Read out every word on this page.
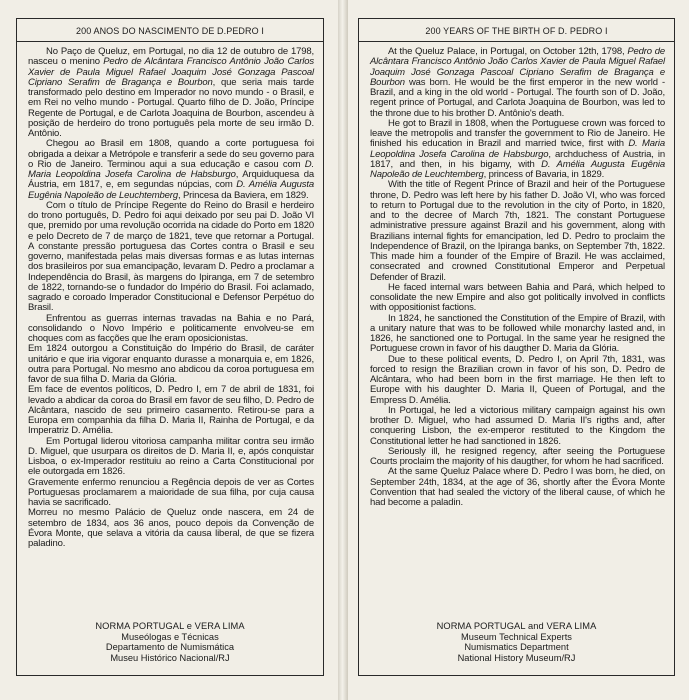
200 ANOS DO NASCIMENTO DE D.PEDRO I

No Paço de Queluz, em Portugal, no dia 12 de outubro de 1798, nasceu o menino Pedro de Alcântara Francisco Antônio João Carlos Xavier de Paula Miguel Rafael Joaquim José Gonzaga Pascoal Cipriano Serafim de Bragança e Bourbon, que seria mais tarde transformado pelo destino em Imperador no novo mundo - o Brasil, e em Rei no velho mundo - Portugal. Quarto filho de D. João, Príncipe Regente de Portugal, e de Carlota Joaquina de Bourbon, ascendeu à posição de herdeiro do trono português pela morte de seu irmão D. Antônio.

Chegou ao Brasil em 1808, quando a corte portuguesa foi obrigada a deixar a Metrópole e transferir a sede do seu governo para o Rio de Janeiro. Terminou aqui a sua educação e casou com D. Maria Leopoldina Josefa Carolina de Habsburgo, Arquiduquesa da Áustria, em 1817, e, em segundas núpcias, com D. Amélia Augusta Eugênia Napoleão de Leuchtemberg, Princesa da Baviera, em 1829.

Com o título de Príncipe Regente do Reino do Brasil e herdeiro do trono português, D. Pedro foi aqui deixado por seu pai D. João VI que, premido por uma revolução ocorrida na cidade do Porto em 1820 e pelo Decreto de 7 de março de 1821, teve que retornar a Portugal. A constante pressão portuguesa das Cortes contra o Brasil e seu governo, manifestada pelas mais diversas formas e as lutas internas dos brasileiros por sua emancipação, levaram D. Pedro a proclamar a Independência do Brasil, às margens do Ipiranga, em 7 de setembro de 1822, tornando-se o fundador do Império do Brasil. Foi aclamado, sagrado e coroado Imperador Constitucional e Defensor Perpétuo do Brasil.

Enfrentou as guerras internas travadas na Bahia e no Pará, consolidando o Novo Império e politicamente envolveu-se em choques com as facções que lhe eram oposicionistas.

Em 1824 outorgou a Constituição do Império do Brasil, de caráter unitário e que iria vigorar enquanto durasse a monarquia e, em 1826, outra para Portugal. No mesmo ano abdicou da coroa portuguesa em favor de sua filha D. Maria da Glória.

Em face de eventos políticos, D. Pedro I, em 7 de abril de 1831, foi levado a abdicar da coroa do Brasil em favor de seu filho, D. Pedro de Alcântara, nascido de seu primeiro casamento. Retirou-se para a Europa em companhia da filha D. Maria II, Rainha de Portugal, e da Imperatriz D. Amélia.

Em Portugal liderou vitoriosa campanha militar contra seu irmão D. Miguel, que usurpara os direitos de D. Maria II, e, após conquistar Lisboa, o ex-Imperador restituiu ao reino a Carta Constitucional por ele outorgada em 1826.

Gravemente enfermo renunciou a Regência depois de ver as Cortes Portuguesas proclamarem a maioridade de sua filha, por cuja causa havia se sacrificado.

Morreu no mesmo Palácio de Queluz onde nascera, em 24 de setembro de 1834, aos 36 anos, pouco depois da Convenção de Évora Monte, que selava a vitória da causa liberal, de que se fizera paladino.

NORMA PORTUGAL e VERA LIMA
Museólogas e Técnicas
Departamento de Numismática
Museu Histórico Nacional/RJ
200 YEARS OF THE BIRTH OF D. PEDRO I

At the Queluz Palace, in Portugal, on October 12th, 1798, Pedro de Alcântara Francisco Antônio João Carlos Xavier de Paula Miguel Rafael Joaquim José Gonzaga Pascoal Cipriano Serafim de Bragança e Bourbon was born. He would be the first emperor in the new world - Brazil, and a king in the old world - Portugal. The fourth son of D. João, regent prince of Portugal, and Carlota Joaquina de Bourbon, was led to the throne due to his brother D. Antônio's death.

He got to Brazil in 1808, when the Portuguese crown was forced to leave the metropolis and transfer the government to Rio de Janeiro. He finished his education in Brazil and married twice, first with D. Maria Leopoldina Josefa Carolina de Habsburgo, archduchess of Austria, in 1817, and then, in his bigamy, with D. Amélia Augusta Eugênia Napoleão de Leuchtemberg, princess of Bavaria, in 1829.

With the title of Regent Prince of Brazil and heir of the Portuguese throne, D. Pedro was left here by his father D. João VI, who was forced to return to Portugal due to the revolution in the city of Porto, in 1820, and to the decree of March 7th, 1821. The constant Portuguese administrative pressure against Brazil and his government, along with Brazilians internal fights for emancipation, led D. Pedro to proclaim the Independence of Brazil, on the Ipiranga banks, on September 7th, 1822. This made him a founder of the Empire of Brazil. He was acclaimed, consecrated and crowned Constitutional Emperor and Perpetual Defender of Brazil.

He faced internal wars between Bahia and Pará, which helped to consolidate the new Empire and also got politically involved in conflicts with oppositionist factions.

In 1824, he sanctioned the Constitution of the Empire of Brazil, with a unitary nature that was to be followed while monarchy lasted and, in 1826, he sanctioned one to Portugal. In the same year he resigned the Portuguese crown in favor of his daugther D. Maria da Glória.

Due to these political events, D. Pedro I, on April 7th, 1831, was forced to resign the Brazilian crown in favor of his son, D. Pedro de Alcântara, who had been born in the first marriage. He then left to Europe with his daughter D. Maria II, Queen of Portugal, and the Empress D. Amélia.

In Portugal, he led a victorious military campaign against his own brother D. Miguel, who had assumed D. Maria II's rigths and, after conquering Lisbon, the ex-emperor restituted to the Kingdom the Constitutional letter he had sanctioned in 1826.

Seriously ill, he resigned regency, after seeing the Portuguese Courts proclaim the majority of his daugther, for whom he had sacrificed.

At the same Queluz Palace where D. Pedro I was born, he died, on September 24th, 1834, at the age of 36, shortly after the Évora Monte Convention that had sealed the victory of the liberal cause, of which he had become a paladin.

NORMA PORTUGAL and VERA LIMA
Museum Technical Experts
Numismatics Department
National History Museum/RJ
